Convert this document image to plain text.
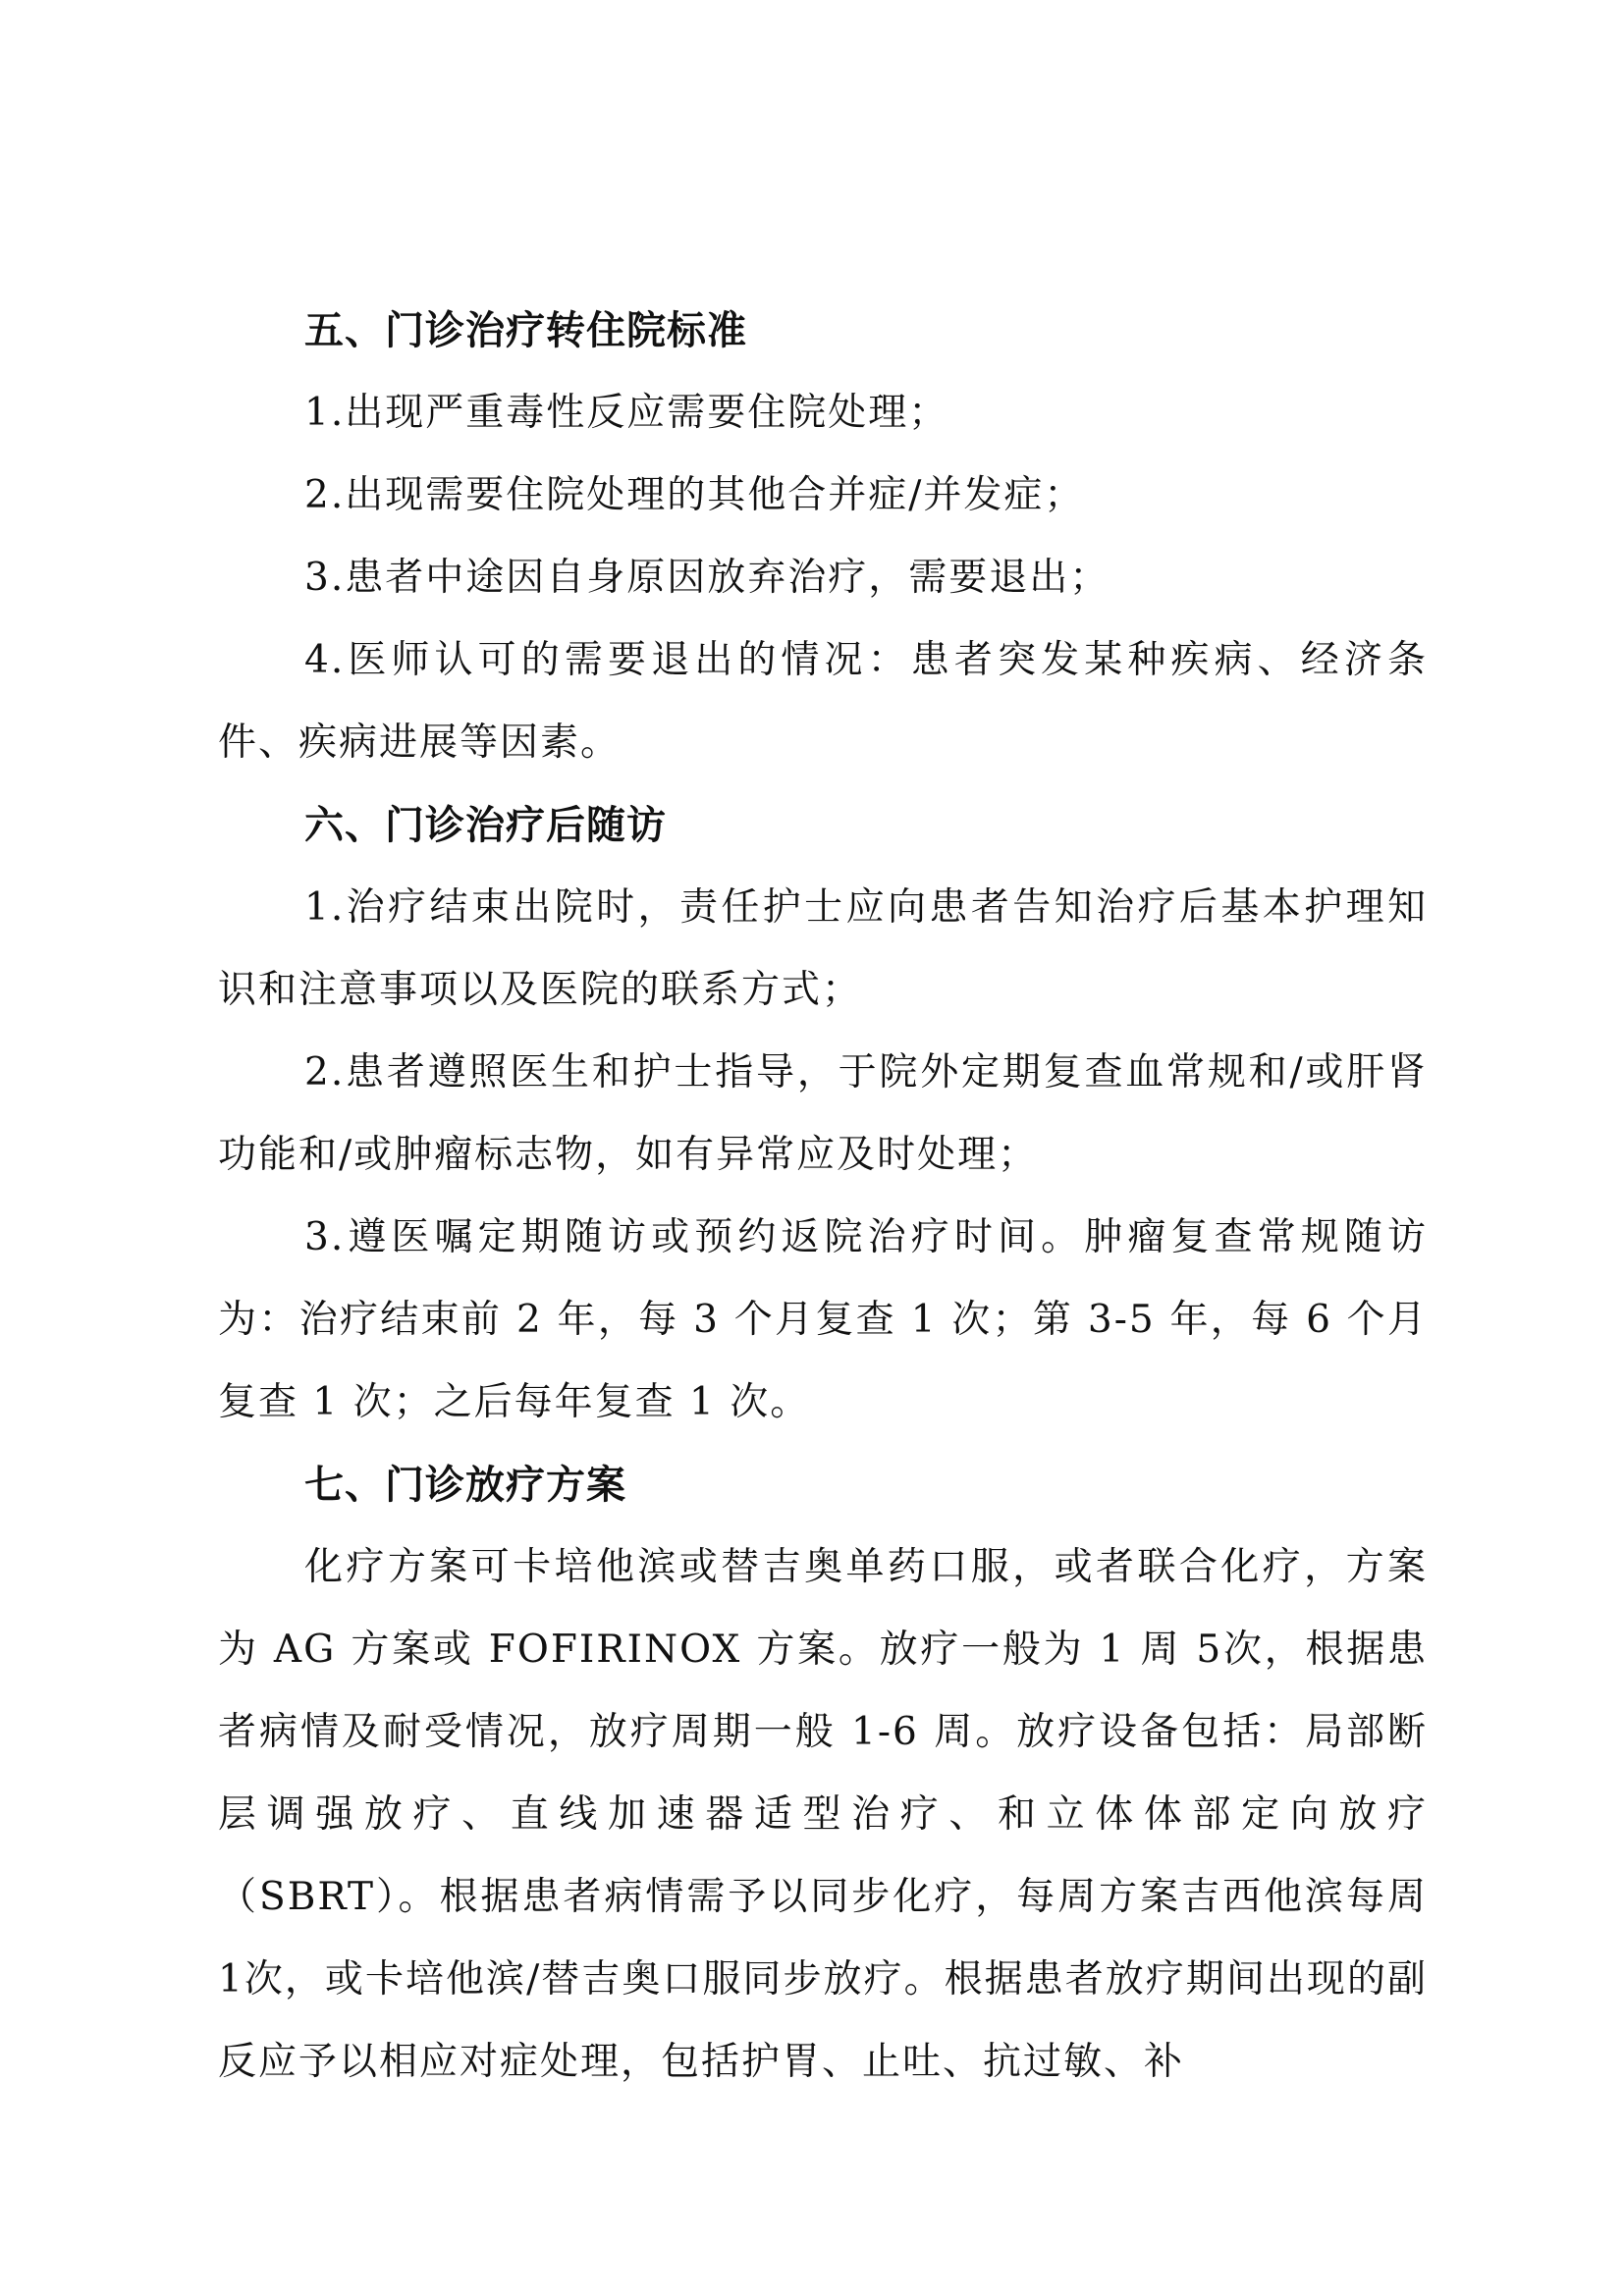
五、门诊治疗转住院标准

1.出现严重毒性反应需要住院处理；

2.出现需要住院处理的其他合并症/并发症；

3.患者中途因自身原因放弃治疗，需要退出；

4.医师认可的需要退出的情况：患者突发某种疾病、经济条件、疾病进展等因素。

六、门诊治疗后随访

1.治疗结束出院时，责任护士应向患者告知治疗后基本护理知识和注意事项以及医院的联系方式；

2.患者遵照医生和护士指导，于院外定期复查血常规和/或肝肾功能和/或肿瘤标志物，如有异常应及时处理；

3.遵医嘱定期随访或预约返院治疗时间。肿瘤复查常规随访为：治疗结束前 2 年，每 3 个月复查 1 次；第 3-5 年，每 6 个月复查 1 次；之后每年复查 1 次。

七、门诊放疗方案

化疗方案可卡培他滨或替吉奥单药口服，或者联合化疗，方案为 AG 方案或 FOFIRINOX 方案。放疗一般为 1 周 5次，根据患者病情及耐受情况，放疗周期一般 1-6 周。放疗设备包括：局部断层调强放疗、直线加速器适型治疗、和立体体部定向放疗（SBRT）。根据患者病情需予以同步化疗，每周方案吉西他滨每周 1次，或卡培他滨/替吉奥口服同步放疗。根据患者放疗期间出现的副反应予以相应对症处理，包括护胃、止吐、抗过敏、补
